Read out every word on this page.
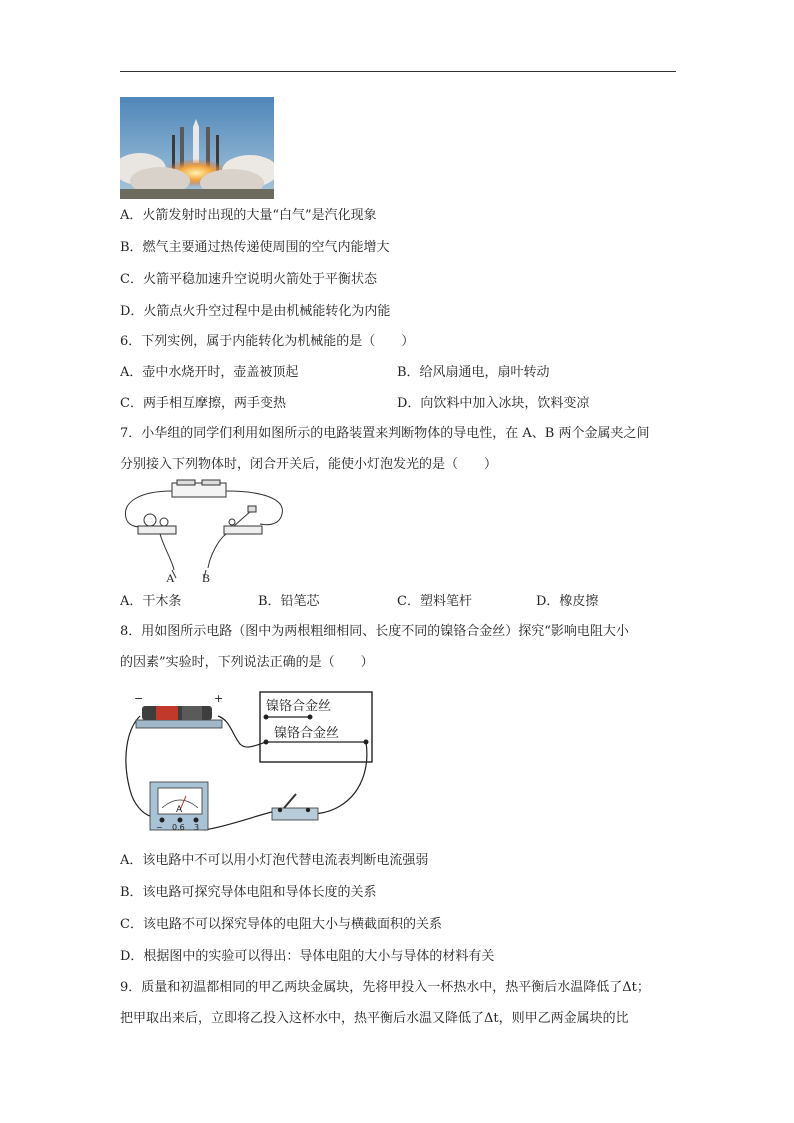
A．火箭发射时出现的大量“白气”是汽化现象
B．燃气主要通过热传递使周围的空气内能增大
C．火箭平稳加速升空说明火箭处于平衡状态
D．火箭点火升空过程中是由机械能转化为内能
6．下列实例，属于内能转化为机械能的是（　　）
A．壶中水烧开时，壶盖被顶起	B．给风扇通电，扇叶转动
C．两手相互摩擦，两手变热	D．向饮料中加入冰块，饮料变凉
7．小华组的同学们利用如图所示的电路装置来判断物体的导电性，在 A、B 两个金属夹之间
分别接入下列物体时，闭合开关后，能使小灯泡发光的是（　　）
A B
A．干木条	B．铅笔芯	C．塑料笔杆	D．橡皮擦
8．用如图所示电路（图中为两根粗细相同、长度不同的镍铬合金丝）探究“影响电阻大小
的因素”实验时，下列说法正确的是（　　）
镍铬合金丝
镍铬合金丝
−	+
A
− 0.6 3
A．该电路中不可以用小灯泡代替电流表判断电流强弱
B．该电路可探究导体电阻和导体长度的关系
C．该电路不可以探究导体的电阻大小与横截面积的关系
D．根据图中的实验可以得出：导体电阻的大小与导体的材料有关
9．质量和初温都相同的甲乙两块金属块，先将甲投入一杯热水中，热平衡后水温降低了Δt；
把甲取出来后，立即将乙投入这杯水中，热平衡后水温又降低了Δt，则甲乙两金属块的比
